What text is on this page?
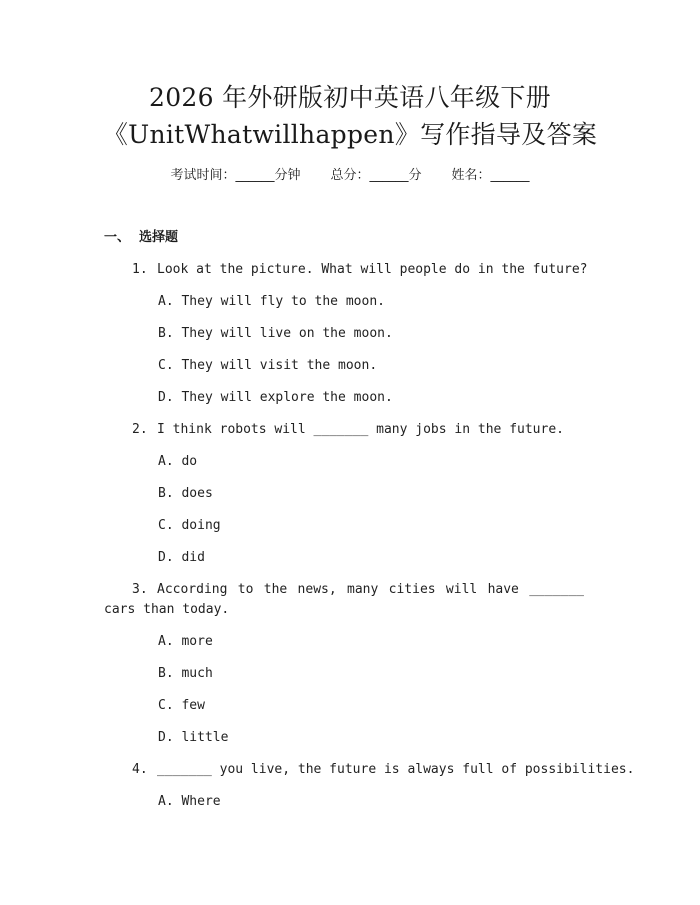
2026 年外研版初中英语八年级下册
《UnitWhatwillhappen》写作指导及答案
考试时间：______分钟 总分：______分 姓名：______
一、  选择题
1. Look at the picture. What will people do in the future?
A. They will fly to the moon.
B. They will live on the moon.
C. They will visit the moon.
D. They will explore the moon.
2. I think robots will _______ many jobs in the future.
A. do
B. does
C. doing
D. did
3. According to the news, many cities will have _______ cars than today.
A. more
B. much
C. few
D. little
4. _______ you live, the future is always full of possibilities.
A. Where
